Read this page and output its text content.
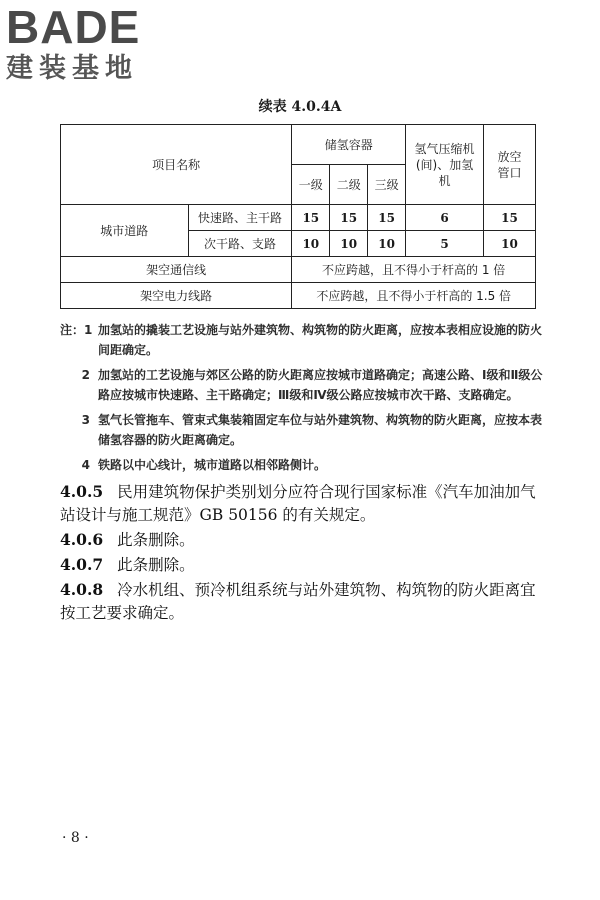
BADE
建装基地
续表 4.0.4A
项目名称		储氢容器			氢气压缩机(间)、加氢机	放空管口
		一级	二级	三级		
城市道路	快速路、主干路	15	15	15	6	15
	次干路、支路	10	10	10	5	10
架空通信线		不应跨越，且不得小于杆高的 1 倍				
架空电力线路		不应跨越，且不得小于杆高的 1.5 倍				
注：1 加氢站的撬装工艺设施与站外建筑物、构筑物的防火距离，应按本表相应设施的防火间距确定。
2 加氢站的工艺设施与郊区公路的防火距离应按城市道路确定；高速公路、Ⅰ级和Ⅱ级公路应按城市快速路、主干路确定；Ⅲ级和Ⅳ级公路应按城市次干路、支路确定。
3 氢气长管拖车、管束式集装箱固定车位与站外建筑物、构筑物的防火距离，应按本表储氢容器的防火距离确定。
4 铁路以中心线计，城市道路以相邻路侧计。
4.0.5 民用建筑物保护类别划分应符合现行国家标准《汽车加油加气站设计与施工规范》GB 50156 的有关规定。
4.0.6 此条删除。
4.0.7 此条删除。
4.0.8 冷水机组、预冷机组系统与站外建筑物、构筑物的防火距离宜按工艺要求确定。
· 8 ·
